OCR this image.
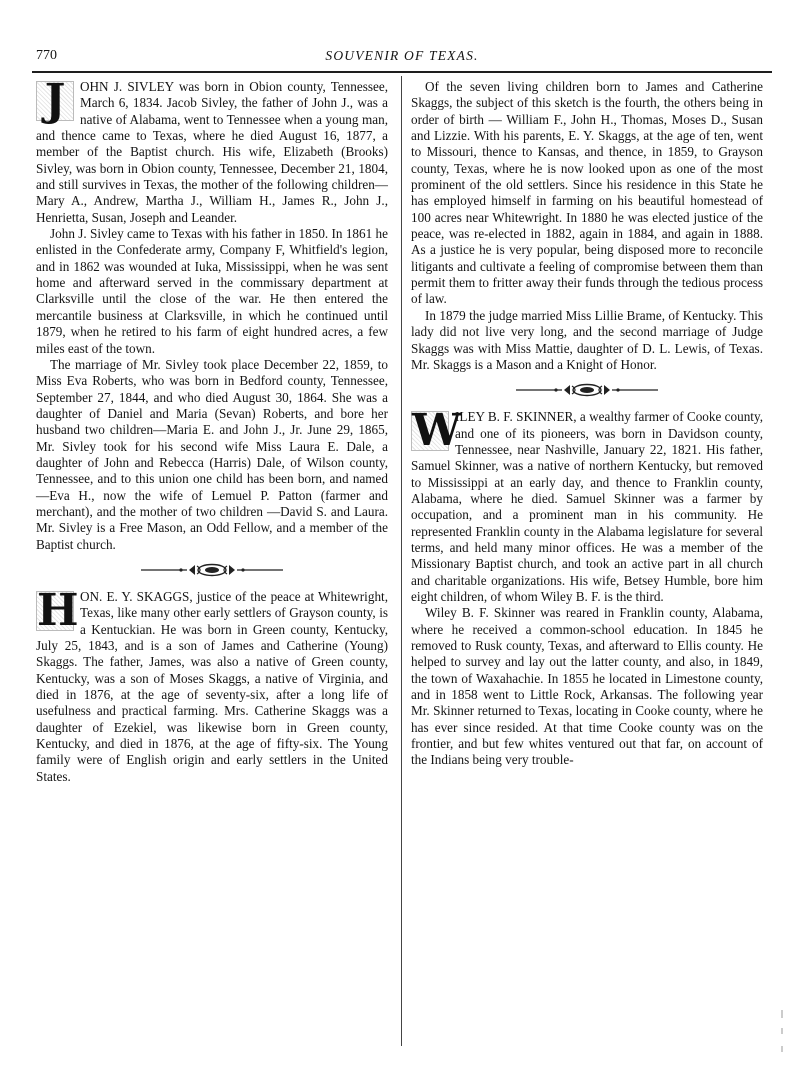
770	SOUVENIR OF TEXAS.
J	OHN J. SIVLEY was born in Obion county, Tennessee, March 6, 1834. Jacob Sivley, the father of John J., was a native of Alabama, went to Tennessee when a young man, and thence came to Texas, where he died August 16, 1877, a member of the Baptist church. His wife, Elizabeth (Brooks) Sivley, was born in Obion county, Tennessee, December 21, 1804, and still survives in Texas, the mother of the following children—Mary A., Andrew, Martha J., William H., James R., John J., Henrietta, Susan, Joseph and Leander.

John J. Sivley came to Texas with his father in 1850. In 1861 he enlisted in the Confederate army, Company F, Whitfield's legion, and in 1862 was wounded at Iuka, Mississippi, when he was sent home and afterward served in the commissary department at Clarksville until the close of the war. He then entered the mercantile business at Clarksville, in which he continued until 1879, when he retired to his farm of eight hundred acres, a few miles east of the town.

The marriage of Mr. Sivley took place December 22, 1859, to Miss Eva Roberts, who was born in Bedford county, Tennessee, September 27, 1844, and who died August 30, 1864. She was a daughter of Daniel and Maria (Sevan) Roberts, and bore her husband two children—Maria E. and John J., Jr. June 29, 1865, Mr. Sivley took for his second wife Miss Laura E. Dale, a daughter of John and Rebecca (Harris) Dale, of Wilson county, Tennessee, and to this union one child has been born, and named—Eva H., now the wife of Lemuel P. Patton (farmer and merchant), and the mother of two children —David S. and Laura. Mr. Sivley is a Free Mason, an Odd Fellow, and a member of the Baptist church.

H ON. E. Y. SKAGGS, justice of the peace at Whitewright, Texas, like many other early settlers of Grayson county, is a Kentuckian. He was born in Green county, Kentucky, July 25, 1843, and is a son of James and Catherine (Young) Skaggs. The father, James, was also a native of Green county, Kentucky, was a son of Moses Skaggs, a native of Virginia, and died in 1876, at the age of seventy-six, after a long life of usefulness and practical farming. Mrs. Catherine Skaggs was a daughter of Ezekiel, was likewise born in Green county, Kentucky, and died in 1876, at the age of fifty-six. The Young family were of English origin and early settlers in the United States.

Of the seven living children born to James and Catherine Skaggs, the subject of this sketch is the fourth, the others being in order of birth — William F., John H., Thomas, Moses D., Susan and Lizzie. With his parents, E. Y. Skaggs, at the age of ten, went to Missouri, thence to Kansas, and thence, in 1859, to Grayson county, Texas, where he is now looked upon as one of the most prominent of the old settlers. Since his residence in this State he has employed himself in farming on his beautiful homestead of 100 acres near Whitewright. In 1880 he was elected justice of the peace, was re-elected in 1882, again in 1884, and again in 1888. As a justice he is very popular, being disposed more to reconcile litigants and cultivate a feeling of compromise between them than permit them to fritter away their funds through the tedious process of law.

In 1879 the judge married Miss Lillie Brame, of Kentucky. This lady did not live very long, and the second marriage of Judge Skaggs was with Miss Mattie, daughter of D. L. Lewis, of Texas. Mr. Skaggs is a Mason and a Knight of Honor.

W

ILEY B. F. SKINNER, a wealthy farmer of Cooke county, and one of its pioneers, was born in Davidson county, Tennessee, near Nashville, January 22, 1821. His father, Samuel Skinner, was a native of northern Kentucky, but removed to Mississippi at an early day, and thence to Franklin county, Alabama, where he died. Samuel Skinner was a farmer by occupation, and a prominent man in his community. He represented Franklin county in the Alabama legislature for several terms, and held many minor offices. He was a member of the Missionary Baptist church, and took an active part in all church and charitable organizations. His wife, Betsey Humble, bore him eight children, of whom Wiley B. F. is the third.

Wiley B. F. Skinner was reared in Franklin county, Alabama, where he received a common-school education. In 1845 he removed to Rusk county, Texas, and afterward to Ellis county. He helped to survey and lay out the latter county, and also, in 1849, the town of Waxahachie. In 1855 he located in Limestone county, and in 1858 went to Little Rock, Arkansas. The following year Mr. Skinner returned to Texas, locating in Cooke county, where he has ever since resided. At that time Cooke county was on the frontier, and but few whites ventured out that far, on account of the Indians being very trouble-
